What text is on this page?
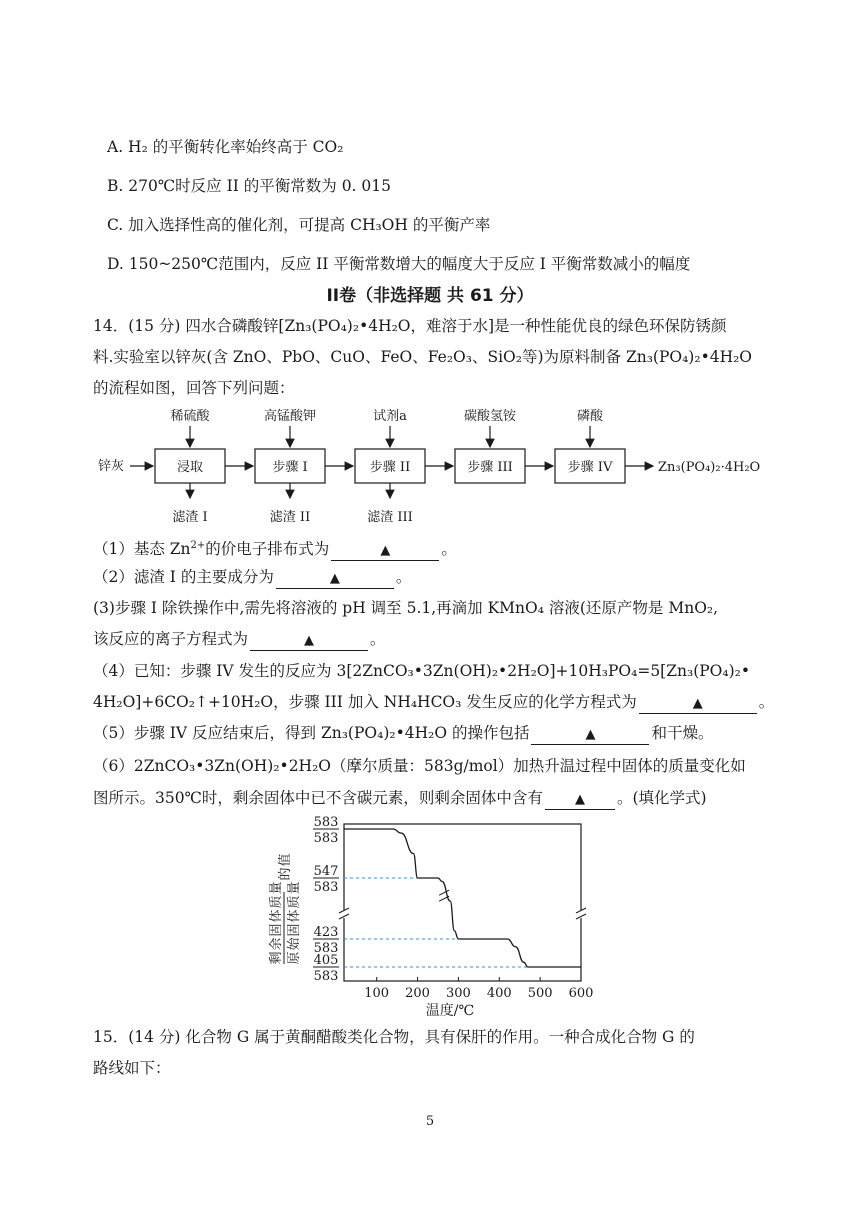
A. H₂ 的平衡转化率始终高于 CO₂
B. 270℃时反应 II 的平衡常数为 0. 015
C. 加入选择性高的催化剂，可提高 CH₃OH 的平衡产率
D. 150~250℃范围内，反应 II 平衡常数增大的幅度大于反应 I 平衡常数减小的幅度
II卷（非选择题 共 61 分）
14．(15 分) 四水合磷酸锌[Zn₃(PO₄)₂•4H₂O，难溶于水]是一种性能优良的绿色环保防锈颜
料.实验室以锌灰(含 ZnO、PbO、CuO、FeO、Fe₂O₃、SiO₂等)为原料制备 Zn₃(PO₄)₂•4H₂O
的流程如图，回答下列问题：
锌灰	浸取	步骤 I	步骤 II	步骤 III	步骤 IV	Zn₃(PO₄)₂·4H₂O
稀硫酸	高锰酸钾	试剂a	碳酸氢铵	磷酸
滤渣 I	滤渣 II	滤渣 III
（1）基态 $Zn^{2+}$的价电子排布式为	▲	。
（2）滤渣 I 的主要成分为	▲	。
(3)步骤 I 除铁操作中,需先将溶液的 pH 调至 5.1,再滴加 KMnO₄ 溶液(还原产物是 MnO₂,
该反应的离子方程式为	▲	。
（4）已知：步骤 IV 发生的反应为 3[2ZnCO₃•3Zn(OH)₂•2H₂O]+10H₃PO₄=5[Zn₃(PO₄)₂•
4H₂O]+6CO₂↑+10H₂O，步骤 III 加入 NH₄HCO₃ 发生反应的化学方程式为	▲	。
（5）步骤 IV 反应结束后，得到 Zn₃(PO₄)₂•4H₂O 的操作包括	▲	和干燥。
（6）2ZnCO₃•3Zn(OH)₂•2H₂O（摩尔质量：583g/mol）加热升温过程中固体的质量变化如
图所示。350℃时，剩余固体中已不含碳元素，则剩余固体中含有 ▲ 。(填化学式)
剩
余
固
体
质
量
原
始
固
体
质
量
的
值
583
583
547
583
423
583
405
583
100 200 300 400 500 600
温度/℃
15．(14 分) 化合物 G 属于黄酮醋酸类化合物，具有保肝的作用。一种合成化合物 G 的
路线如下：
5
